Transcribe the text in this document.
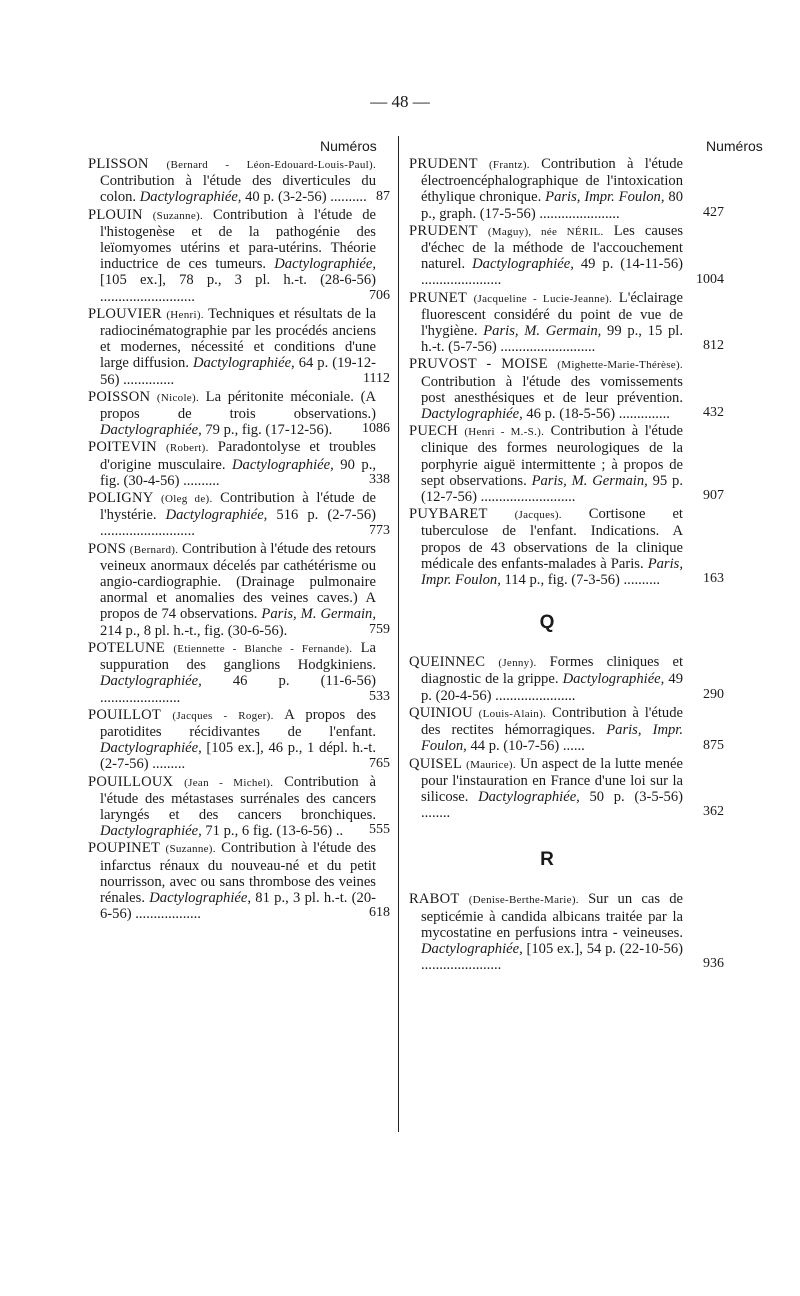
— 48 —
Numéros	Numéros
PLISSON (Bernard - Léon-Edouard-Louis-Paul). Contribution à l'étude des diverticules du colon. Dactylographiée, 40 p. (3-2-56) .......... 87
PLOUIN (Suzanne). Contribution à l'étude de l'histogenèse et de la pathogénie des leïomyomes utérins et para-utérins. Théorie inductrice de ces tumeurs. Dactylographiée, [105 ex.], 78 p., 3 pl. h.-t. (28-6-56) ..........................	706
PLOUVIER (Henri). Techniques et résultats de la radiocinématographie par les procédés anciens et modernes, nécessité et conditions d'une large diffusion. Dactylographiée, 64 p. (19-12-56) ..............	1112
POISSON (Nicole). La péritonite méconiale. (A propos de trois observations.) Dactylographiée, 79 p., fig. (17-12-56).	1086
POITEVIN (Robert). Paradontolyse et troubles d'origine musculaire. Dactylographiée, 90 p., fig. (30-4-56) ..........	338
POLIGNY (Oleg de). Contribution à l'étude de l'hystérie. Dactylographiée, 516 p. (2-7-56) ..........................	773
PONS (Bernard). Contribution à l'étude des retours veineux anormaux décelés par cathétérisme ou angio-cardiographie. (Drainage pulmonaire anormal et anomalies des veines caves.) A propos de 74 observations. Paris, M. Germain, 214 p., 8 pl. h.-t., fig. (30-6-56).	759
POTELUNE (Etiennette - Blanche - Fernande). La suppuration des ganglions Hodgkiniens. Dactylographiée, 46 p. (11-6-56) ......................	533
POUILLOT (Jacques - Roger). A propos des parotidites récidivantes de l'enfant. Dactylographiée, [105 ex.], 46 p., 1 dépl. h.-t. (2-7-56) .........	765
POUILLOUX (Jean - Michel). Contribution à l'étude des métastases surrénales des cancers laryngés et des cancers bronchiques. Dactylographiée, 71 p., 6 fig. (13-6-56) ..	555
POUPINET (Suzanne). Contribution à l'étude des infarctus rénaux du nouveau-né et du petit nourrisson, avec ou sans thrombose des veines rénales. Dactylographiée, 81 p., 3 pl. h.-t. (20-6-56) ..................	618
PRUDENT (Frantz). Contribution à l'étude électroencéphalographique de l'intoxication éthylique chronique. Paris, Impr. Foulon, 80 p., graph. (17-5-56) ......................	427
PRUDENT (Maguy), née NÉRIL. Les causes d'échec de la méthode de l'accouchement naturel. Dactylographiée, 49 p. (14-11-56) ......................	1004
PRUNET (Jacqueline - Lucie-Jeanne). L'éclairage fluorescent considéré du point de vue de l'hygiène. Paris, M. Germain, 99 p., 15 pl. h.-t. (5-7-56) ..........................	812
PRUVOST - MOISE (Mighette-Marie-Thérèse). Contribution à l'étude des vomissements post anesthésiques et de leur prévention. Dactylographiée, 46 p. (18-5-56) ..............	432
PUECH (Henri - M.-S.). Contribution à l'étude clinique des formes neurologiques de la porphyrie aiguë intermittente ; à propos de sept observations. Paris, M. Germain, 95 p. (12-7-56) ..........................	907
PUYBARET (Jacques). Cortisone et tuberculose de l'enfant. Indications. A propos de 43 observations de la clinique médicale des enfants-malades à Paris. Paris, Impr. Foulon, 114 p., fig. (7-3-56) ..........	163
Q
QUEINNEC (Jenny). Formes cliniques et diagnostic de la grippe. Dactylographiée, 49 p. (20-4-56) ......................	290
QUINIOU (Louis-Alain). Contribution à l'étude des rectites hémorragiques. Paris, Impr. Foulon, 44 p. (10-7-56) ......	875
QUISEL (Maurice). Un aspect de la lutte menée pour l'instauration en France d'une loi sur la silicose. Dactylographiée, 50 p. (3-5-56) ........	362
R
RABOT (Denise-Berthe-Marie). Sur un cas de septicémie à candida albicans traitée par la mycostatine en perfusions intra - veineuses. Dactylographiée, [105 ex.], 54 p. (22-10-56) ......................	936
